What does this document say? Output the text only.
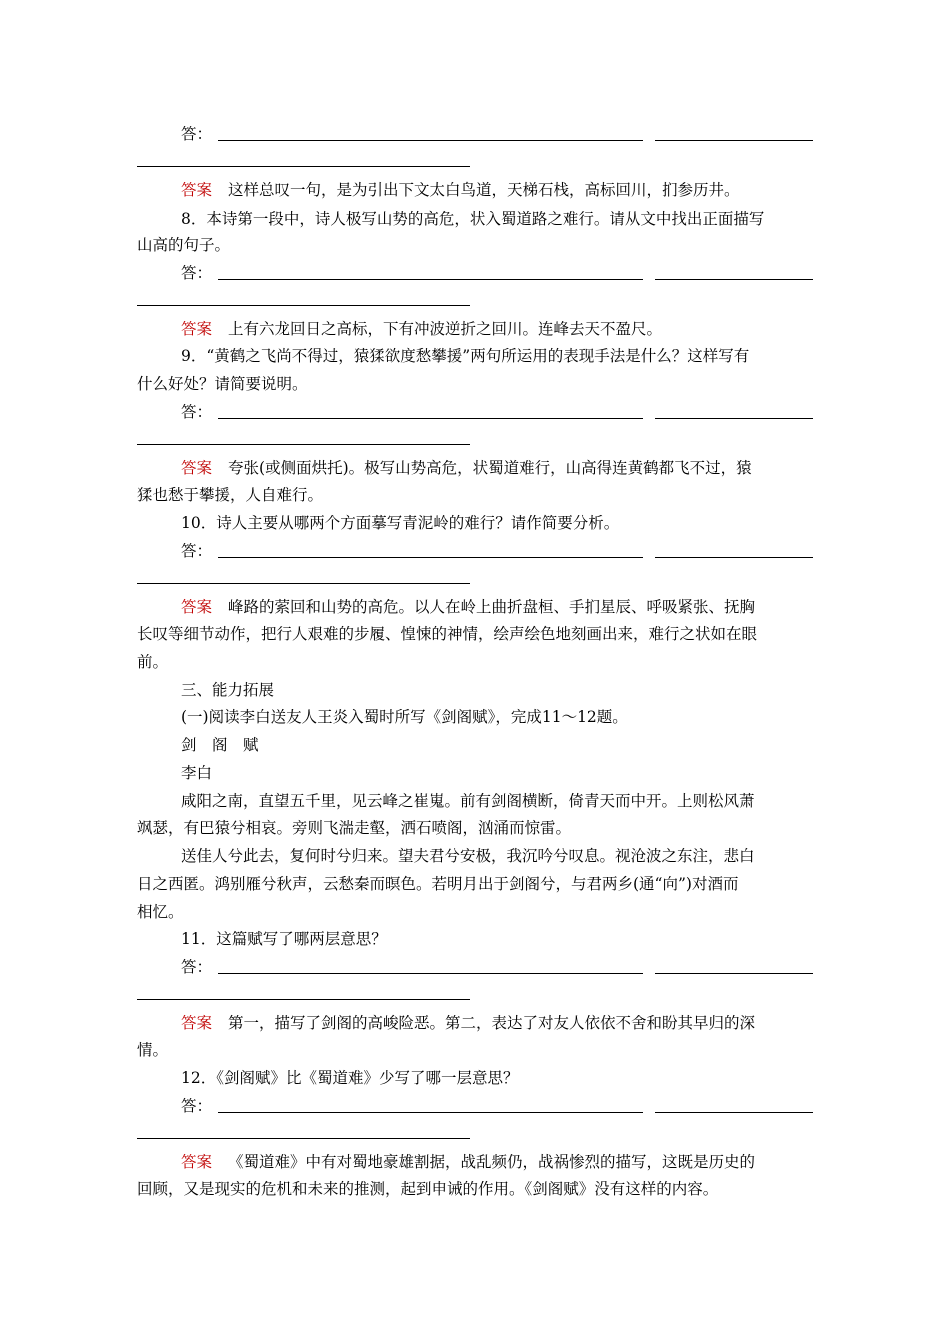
答：
答案 这样总叹一句，是为引出下文太白鸟道，天梯石栈，高标回川，扪参历井。
8．本诗第一段中，诗人极写山势的高危，状入蜀道路之难行。请从文中找出正面描写
山高的句子。
答：
答案 上有六龙回日之高标，下有冲波逆折之回川。连峰去天不盈尺。
9．“黄鹤之飞尚不得过，猿猱欲度愁攀援”两句所运用的表现手法是什么？这样写有
什么好处？请简要说明。
答：
答案 夸张(或侧面烘托)。极写山势高危，状蜀道难行，山高得连黄鹤都飞不过，猿
猱也愁于攀援，人自难行。
10．诗人主要从哪两个方面摹写青泥岭的难行？请作简要分析。
答：
答案 峰路的萦回和山势的高危。以人在岭上曲折盘桓、手扪星辰、呼吸紧张、抚胸
长叹等细节动作，把行人艰难的步履、惶悚的神情，绘声绘色地刻画出来，难行之状如在眼
前。
三、能力拓展
(一)阅读李白送友人王炎入蜀时所写《剑阁赋》，完成11～12题。
剑　阁　赋
李白
咸阳之南，直望五千里，见云峰之崔嵬。前有剑阁横断，倚青天而中开。上则松风萧
飒瑟，有巴猿兮相哀。旁则飞湍走壑，洒石喷阁，汹涌而惊雷。
送佳人兮此去，复何时兮归来。望夫君兮安极，我沉吟兮叹息。视沧波之东注，悲白
日之西匿。鸿别雁兮秋声，云愁秦而暝色。若明月出于剑阁兮，与君两乡(通“向”)对酒而
相忆。
11．这篇赋写了哪两层意思？
答：
答案 第一，描写了剑阁的高峻险恶。第二，表达了对友人依依不舍和盼其早归的深
情。
12．《剑阁赋》比《蜀道难》少写了哪一层意思？
答：
答案 《蜀道难》中有对蜀地豪雄割据，战乱频仍，战祸惨烈的描写，这既是历史的
回顾，又是现实的危机和未来的推测，起到申诫的作用。《剑阁赋》没有这样的内容。
